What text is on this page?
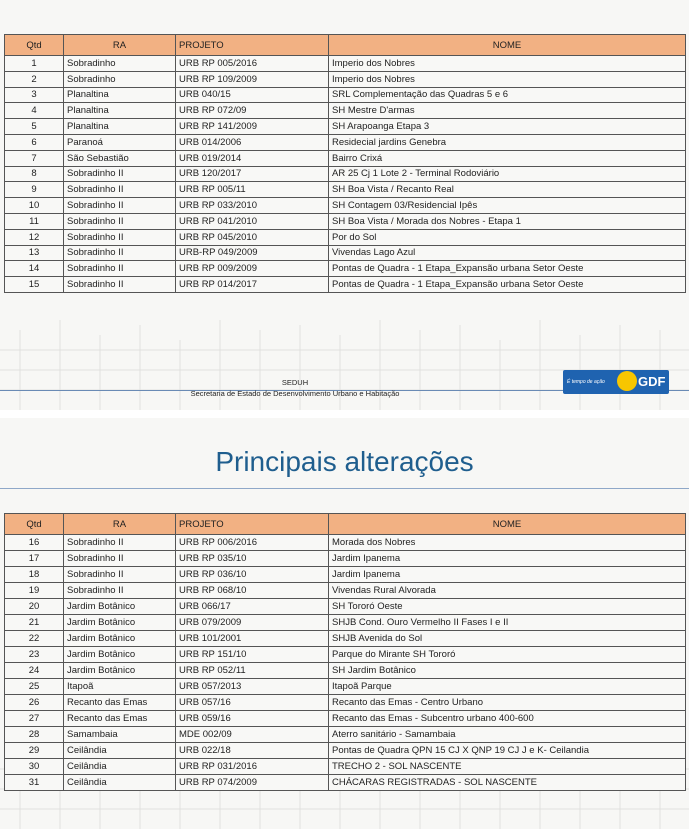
Qtd	RA	PROJETO	NOME
1	Sobradinho	URB RP 005/2016	Imperio dos Nobres
2	Sobradinho	URB RP 109/2009	Imperio dos Nobres
3	Planaltina	URB 040/15	SRL Complementação das Quadras 5 e 6
4	Planaltina	URB RP 072/09	SH Mestre D'armas
5	Planaltina	URB RP 141/2009	SH Arapoanga Etapa 3
6	Paranoá	URB 014/2006	Residecial jardins Genebra
7	São Sebastião	URB 019/2014	Bairro Crixá
8	Sobradinho II	URB 120/2017	AR 25 Cj 1 Lote 2 - Terminal Rodoviário
9	Sobradinho II	URB RP 005/11	SH Boa Vista / Recanto Real
10	Sobradinho II	URB RP 033/2010	SH Contagem 03/Residencial Ipês
11	Sobradinho II	URB RP 041/2010	SH Boa Vista / Morada dos Nobres - Etapa 1
12	Sobradinho II	URB RP 045/2010	Por do Sol
13	Sobradinho II	URB-RP 049/2009	Vivendas Lago Azul
14	Sobradinho II	URB RP 009/2009	Pontas de Quadra - 1 Etapa_Expansão urbana Setor Oeste
15	Sobradinho II	URB RP 014/2017	Pontas de Quadra - 1 Etapa_Expansão urbana Setor Oeste
SEDUH
Secretaria de Estado de Desenvolvimento Urbano e Habitação
É tempo de ação	GDF
Principais alterações
Qtd	RA	PROJETO	NOME
16	Sobradinho II	URB RP 006/2016	Morada dos Nobres
17	Sobradinho II	URB RP 035/10	Jardim Ipanema
18	Sobradinho II	URB RP 036/10	Jardim Ipanema
19	Sobradinho II	URB RP 068/10	Vivendas Rural Alvorada
20	Jardim Botânico	URB 066/17	SH Tororó Oeste
21	Jardim Botânico	URB 079/2009	SHJB Cond. Ouro Vermelho II Fases I e II
22	Jardim Botânico	URB 101/2001	SHJB Avenida do Sol
23	Jardim Botânico	URB RP 151/10	Parque do Mirante SH Tororó
24	Jardim Botânico	URB RP 052/11	SH Jardim Botânico
25	Itapoã	URB 057/2013	Itapoã Parque
26	Recanto das Emas	URB 057/16	Recanto das Emas - Centro Urbano
27	Recanto das Emas	URB 059/16	Recanto das Emas - Subcentro urbano 400-600
28	Samambaia	MDE 002/09	Aterro sanitário - Samambaia
29	Ceilândia	URB 022/18	Pontas de Quadra QPN 15 CJ X QNP 19 CJ J e K- Ceilandia
30	Ceilândia	URB RP 031/2016	TRECHO 2 - SOL NASCENTE
31	Ceilândia	URB RP 074/2009	CHÁCARAS REGISTRADAS - SOL NASCENTE
